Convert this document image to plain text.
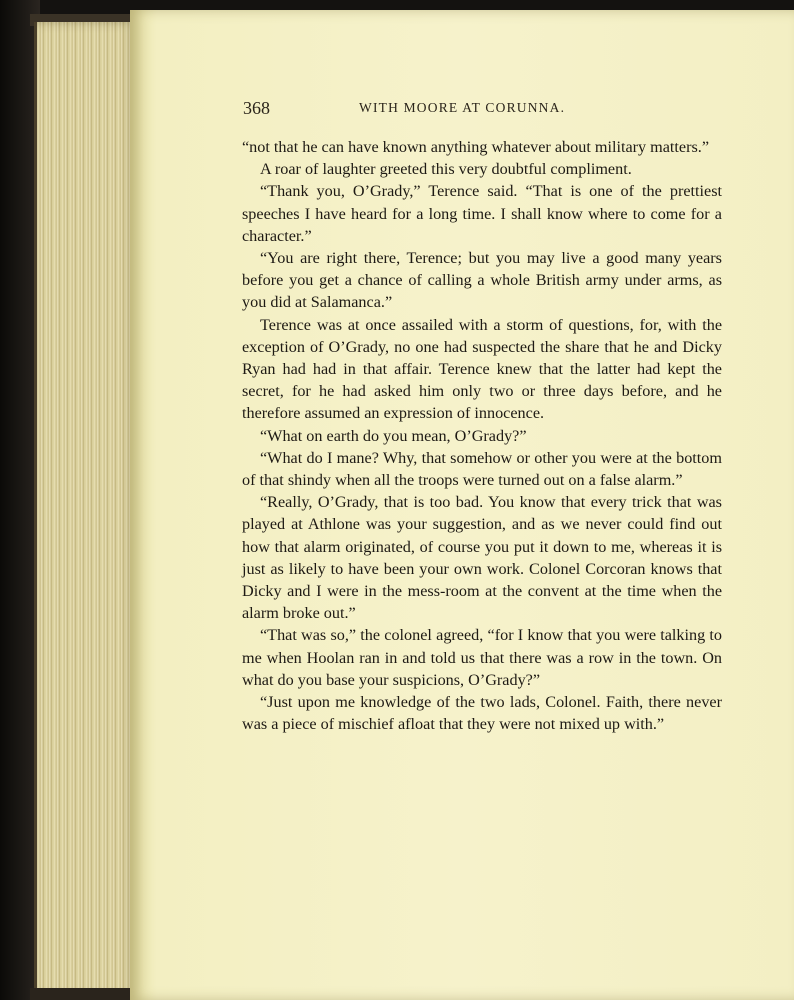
368	WITH MOORE AT CORUNNA.

“not that he can have known anything whatever about military matters.”

A roar of laughter greeted this very doubtful compliment.

“Thank you, O’Grady,” Terence said. “That is one of the prettiest speeches I have heard for a long time. I shall know where to come for a character.”

“You are right there, Terence; but you may live a good many years before you get a chance of calling a whole British army under arms, as you did at Salamanca.”

Terence was at once assailed with a storm of questions, for, with the exception of O’Grady, no one had suspected the share that he and Dicky Ryan had had in that affair. Terence knew that the latter had kept the secret, for he had asked him only two or three days before, and he therefore assumed an expression of innocence.

“What on earth do you mean, O’Grady?”

“What do I mane? Why, that somehow or other you were at the bottom of that shindy when all the troops were turned out on a false alarm.”

“Really, O’Grady, that is too bad. You know that every trick that was played at Athlone was your suggestion, and as we never could find out how that alarm originated, of course you put it down to me, whereas it is just as likely to have been your own work. Colonel Corcoran knows that Dicky and I were in the mess-room at the convent at the time when the alarm broke out.”

“That was so,” the colonel agreed, “for I know that you were talking to me when Hoolan ran in and told us that there was a row in the town. On what do you base your suspicions, O’Grady?”

“Just upon me knowledge of the two lads, Colonel. Faith, there never was a piece of mischief afloat that they were not mixed up with.”
